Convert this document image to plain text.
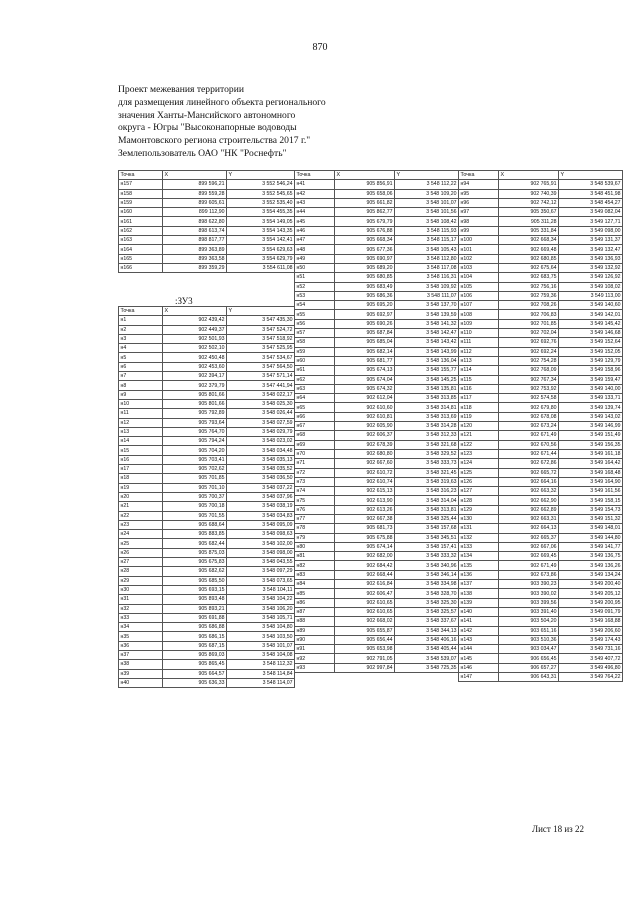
870
Проект межевания территории
для размещения линейного объекта регионального
значения Ханты-Мансийского автономного
округа - Югры "Высоконапорные водоводы
Мамонтовского региона строительства 2017 г."
Землепользователь ОАО "НК "Роснефть"
Точка	X	Y
н157	899 596,21	3 552 546,24
н158	899 559,28	3 552 545,65
н159	899 605,61	3 552 535,40
н160	899 112,90	3 554 455,35
н161	898 622,80	3 554 149,05
н162	898 613,74	3 554 143,35
н163	898 817,77	3 554 142,41
н164	899 363,89	3 554 629,63
н165	899 363,58	3 554 629,79
н166	899 359,29	3 554 611,08
:ЗУ3
Точка	X	Y
н1	902 439,42	3 547 435,30
н2	902 449,37	3 547 524,72
н3	902 501,93	3 547 518,92
н4	902 502,10	3 547 525,95
н5	902 450,48	3 547 534,67
н6	902 453,60	3 547 564,50
н7	902 394,17	3 547 571,14
н8	902 379,79	3 547 441,94
н9	905 801,66	3 548 022,17
н10	905 801,66	3 548 025,30
н11	905 792,89	3 548 026,44
н12	905 793,64	3 548 027,59
н13	905 764,70	3 548 029,79
н14	905 794,24	3 548 023,02
н15	905 704,20	3 548 034,48
н16	905 703,41	3 548 035,13
н17	905 702,62	3 548 035,52
н18	905 701,85	3 548 036,50
н19	905 701,10	3 548 037,22
н20	905 700,37	3 548 037,96
н21	905 700,18	3 548 038,19
н22	905 701,55	3 548 034,83
н23	905 688,64	3 548 095,09
н24	905 883,85	3 548 098,63
н25	905 682,44	3 548 102,00
н26	905 875,03	3 548 098,00
н27	905 675,83	3 548 043,55
н28	905 682,62	3 548 097,29
н29	905 685,50	3 548 073,65
н30	905 693,15	3 548 104,11
н31	905 893,48	3 548 104,22
н32	905 893,21	3 548 106,20
н33	905 691,88	3 548 105,71
н34	905 686,88	3 548 104,80
н35	905 686,15	3 548 103,50
н36	905 687,15	3 548 101,07
н37	905 869,03	3 548 104,08
н38	905 865,45	3 548 112,32
н39	905 664,57	3 548 114,84
н40	905 636,33	3 548 114,07
Точка	X	Y
н41	905 856,91	3 548 112,22
н42	905 658,06	3 548 109,20
н43	905 661,82	3 548 101,07
н44	905 862,77	3 548 101,56
н45	905 679,79	3 548 108,42
н46	905 676,88	3 548 115,93
н47	905 668,34	3 548 115,17
н48	905 677,36	3 548 105,43
н49	905 690,97	3 548 112,80
н50	905 689,20	3 548 117,08
н51	905 680,85	3 548 116,31
н52	905 683,49	3 548 109,92
н53	905 686,36	3 548 111,07
н54	905 695,20	3 548 137,70
н55	905 692,97	3 548 139,59
н56	905 690,26	3 548 141,32
н57	905 687,84	3 548 142,47
н58	905 685,04	3 548 143,42
н59	905 682,14	3 548 143,99
н60	905 681,77	3 548 136,04
н61	905 674,13	3 548 155,77
н62	905 674,04	3 548 145,25
н63	905 674,32	3 548 135,81
н64	902 612,04	3 548 313,85
н65	902 610,60	3 548 314,81
н66	902 610,81	3 548 313,69
н67	902 605,90	3 548 314,28
н68	902 606,37	3 548 312,33
н69	902 678,39	3 548 321,68
н70	902 680,80	3 548 329,52
н71	902 667,60	3 548 333,73
н72	902 610,72	3 548 321,45
н73	902 610,74	3 548 319,63
н74	902 615,13	3 548 316,23
н75	902 613,90	3 548 314,04
н76	902 613,26	3 548 313,81
н77	902 667,38	3 548 325,44
н78	905 681,73	3 548 157,68
н79	905 675,88	3 548 345,51
н80	905 674,14	3 548 157,41
н81	902 682,00	3 548 333,32
н82	902 684,42	3 548 340,96
н83	902 668,44	3 548 346,14
н84	902 616,84	3 548 334,98
н85	902 606,47	3 548 328,70
н86	902 610,65	3 548 325,30
н87	902 610,65	3 548 325,57
н88	902 668,02	3 548 337,67
н89	905 655,87	3 548 344,13
н90	905 656,44	3 548 406,16
н91	905 653,98	3 548 405,44
н92	902 791,05	3 548 539,07
н93	902 997,84	3 548 725,35
Точка	X	Y
н94	902 765,91	3 548 539,67
н95	902 740,39	3 548 451,98
н96	902 742,12	3 548 454,27
н97	905 350,67	3 549 082,04
н98	905 311,28	3 549 127,71
н99	905 331,84	3 549 098,00
н100	902 668,34	3 549 131,37
н101	902 669,48	3 549 132,47
н102	902 680,85	3 549 136,93
н103	902 675,64	3 549 132,92
н104	902 683,75	3 549 126,92
н105	902 756,16	3 549 108,02
н106	902 759,36	3 549 113,00
н107	902 708,26	3 549 140,60
н108	902 706,83	3 549 142,01
н109	902 701,85	3 549 145,42
н110	902 702,04	3 549 146,68
н111	902 692,76	3 549 152,64
н112	902 692,24	3 549 152,05
н113	902 754,28	3 549 129,79
н114	902 768,09	3 549 158,96
н115	902 767,34	3 549 159,47
н116	902 753,92	3 549 140,00
н117	902 574,58	3 549 133,71
н118	902 679,80	3 549 139,74
н119	902 678,08	3 549 143,02
н120	902 673,24	3 549 146,99
н121	902 671,49	3 549 151,49
н122	902 670,56	3 549 156,35
н123	902 671,44	3 549 161,18
н124	902 672,86	3 549 164,42
н125	902 665,72	3 549 168,48
н126	902 664,16	3 549 164,90
н127	902 663,32	3 549 161,56
н128	902 662,90	3 549 158,15
н129	902 662,89	3 549 154,73
н130	902 663,31	3 549 151,32
н131	902 664,13	3 549 148,01
н132	902 665,37	3 549 144,80
н133	902 667,06	3 549 141,77
н134	902 669,45	3 549 136,75
н135	902 671,49	3 549 136,26
н136	902 673,86	3 549 134,24
н137	903 390,23	3 549 200,40
н138	903 390,02	3 549 205,12
н139	903 399,56	3 549 200,95
н140	903 391,40	3 549 091,79
н141	903 504,20	3 549 168,88
н142	903 651,16	3 549 206,60
н143	903 510,36	3 549 174,43
н144	903 034,47	3 549 731,16
н145	906 656,45	3 549 407,72
н146	906 657,27	3 549 496,80
н147	906 643,31	3 549 764,22
Лист 18 из 22
